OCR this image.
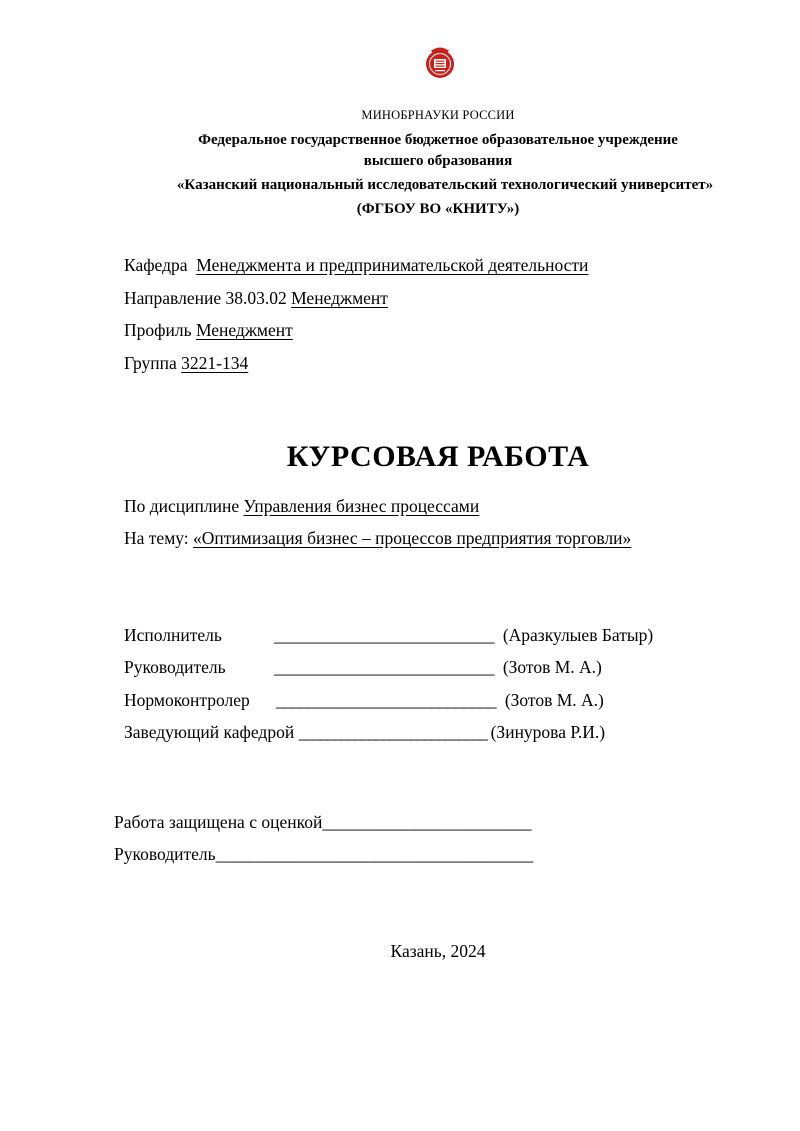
МИНОБРНАУКИ РОССИИ
Федеральное государственное бюджетное образовательное учреждение
высшего образования
«Казанский национальный исследовательский технологический университет»
(ФГБОУ ВО «КНИТУ»)
Кафедра Менеджмента и предпринимательской деятельности
Направление 38.03.02 Менеджмент
Профиль Менеджмент
Группа 3221-134
КУРСОВАЯ РАБОТА
По дисциплине Управления бизнес процессами
На тему: «Оптимизация бизнес – процессов предприятия торговли»
Исполнитель	___________________________ (Аразкулыев Батыр)
Руководитель	___________________________ (Зотов М. А.)
Нормоконтролер ___________________________ (Зотов М. А.)
Заведующий кафедрой ___________________________ (Зинурова Р.И.)
Работа защищена с оценкой_________________________
Руководитель______________________________________
Казань, 2024
